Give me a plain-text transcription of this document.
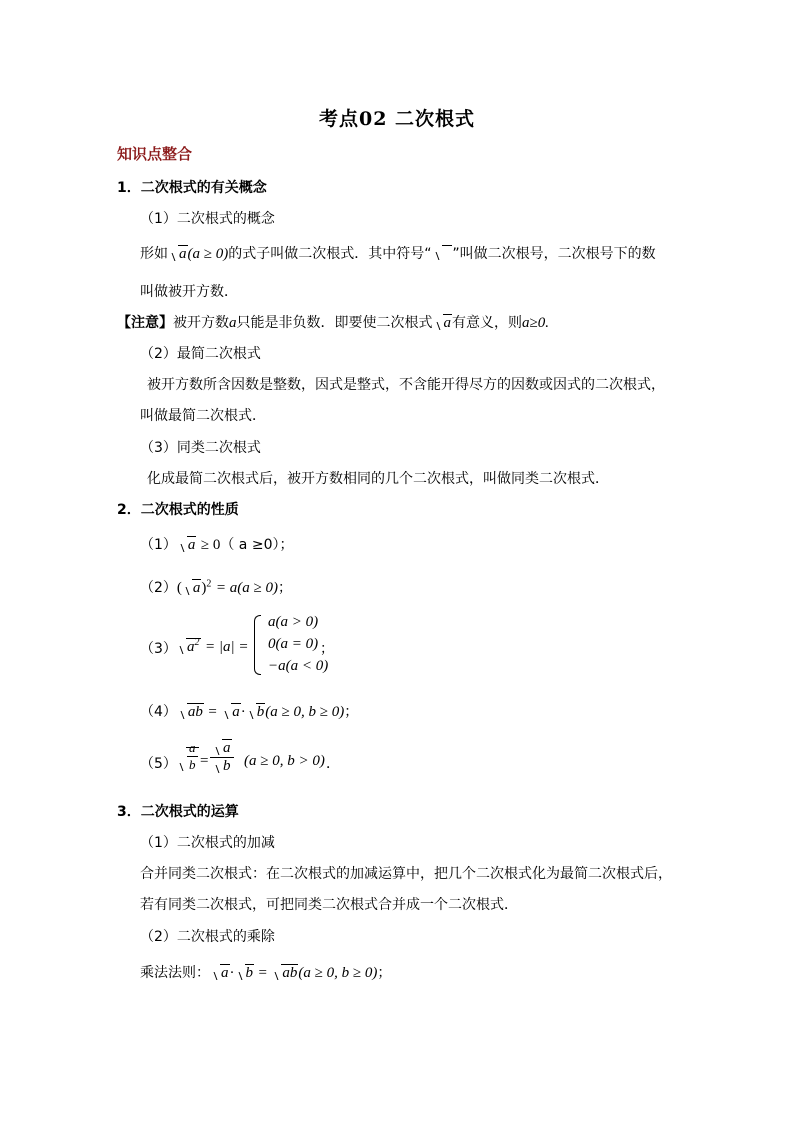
考点02 二次根式
知识点整合
1．二次根式的有关概念
（1）二次根式的概念
形如 a(a ≥ 0)的式子叫做二次根式．其中符号“ ”叫做二次根号，二次根号下的数
叫做被开方数．
【注意】被开方数a只能是非负数．即要使二次根式 a有意义，则a≥0.
（2）最简二次根式
被开方数所含因数是整数，因式是整式，不含能开得尽方的因数或因式的二次根式，
叫做最简二次根式．
（3）同类二次根式
化成最简二次根式后，被开方数相同的几个二次根式，叫做同类二次根式．
2．二次根式的性质
（1） a ≥ 0（ a ≥0）；
（2）( a)$^2$ = a(a ≥ 0)；
（3） $a^2 = |a|$ =
a(a > 0)
0(a = 0)
−a(a < 0)
；
（4） ab = a· b(a ≥ 0, b ≥ 0)；
$(5) \frac{a}{b} = \frac{a}{b} (a \ge 0$, b > 0) ．
3．二次根式的运算
（1）二次根式的加减
合并同类二次根式：在二次根式的加减运算中，把几个二次根式化为最简二次根式后，
若有同类二次根式，可把同类二次根式合并成一个二次根式．
（2）二次根式的乘除
乘法法则： a· b = ab(a ≥ 0, b ≥ 0)；
